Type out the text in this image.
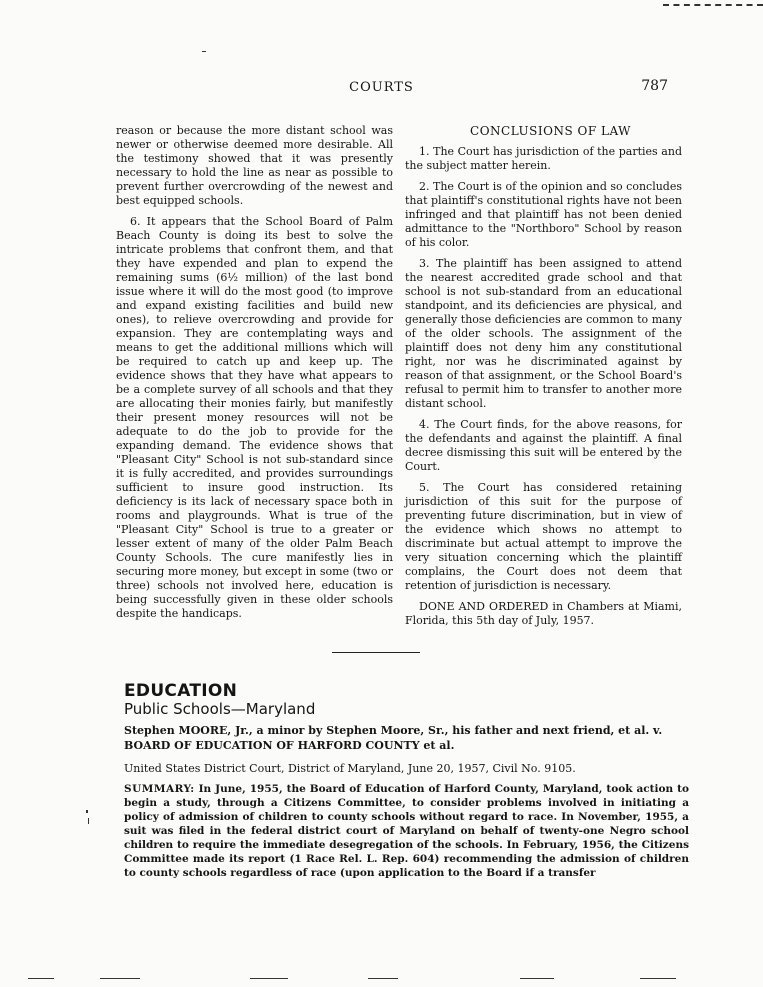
COURTS	787

reason or because the more distant school was newer or otherwise deemed more desirable. All the testimony showed that it was presently necessary to hold the line as near as possible to prevent further overcrowding of the newest and best equipped schools.

6. It appears that the School Board of Palm Beach County is doing its best to solve the intricate problems that confront them, and that they have expended and plan to expend the remaining sums (6½ million) of the last bond issue where it will do the most good (to improve and expand existing facilities and build new ones), to relieve overcrowding and provide for expansion. They are contemplating ways and means to get the additional millions which will be required to catch up and keep up. The evidence shows that they have what appears to be a complete survey of all schools and that they are allocating their monies fairly, but manifestly their present money resources will not be adequate to do the job to provide for the expanding demand. The evidence shows that "Pleasant City" School is not sub-standard since it is fully accredited, and provides surroundings sufficient to insure good instruction. Its deficiency is its lack of necessary space both in rooms and playgrounds. What is true of the "Pleasant City" School is true to a greater or lesser extent of many of the older Palm Beach County Schools. The cure manifestly lies in securing more money, but except in some (two or three) schools not involved here, education is being successfully given in these older schools despite the handicaps.

CONCLUSIONS OF LAW

1. The Court has jurisdiction of the parties and the subject matter herein.

2. The Court is of the opinion and so concludes that plaintiff's constitutional rights have not been infringed and that plaintiff has not been denied admittance to the "Northboro" School by reason of his color.

3. The plaintiff has been assigned to attend the nearest accredited grade school and that school is not sub-standard from an educational standpoint, and its deficiencies are physical, and generally those deficiencies are common to many of the older schools. The assignment of the plaintiff does not deny him any constitutional right, nor was he discriminated against by reason of that assignment, or the School Board's refusal to permit him to transfer to another more distant school.

4. The Court finds, for the above reasons, for the defendants and against the plaintiff. A final decree dismissing this suit will be entered by the Court.

5. The Court has considered retaining jurisdiction of this suit for the purpose of preventing future discrimination, but in view of the evidence which shows no attempt to discriminate but actual attempt to improve the very situation concerning which the plaintiff complains, the Court does not deem that retention of jurisdiction is necessary.

DONE AND ORDERED in Chambers at Miami, Florida, this 5th day of July, 1957.

EDUCATION
Public Schools—Maryland
Stephen MOORE, Jr., a minor by Stephen Moore, Sr., his father and next friend, et al. v. BOARD OF EDUCATION OF HARFORD COUNTY et al.
United States District Court, District of Maryland, June 20, 1957, Civil No. 9105.
SUMMARY: In June, 1955, the Board of Education of Harford County, Maryland, took action to begin a study, through a Citizens Committee, to consider problems involved in initiating a policy of admission of children to county schools without regard to race. In November, 1955, a suit was filed in the federal district court of Maryland on behalf of twenty-one Negro school children to require the immediate desegregation of the schools. In February, 1956, the Citizens Committee made its report (1 Race Rel. L. Rep. 604) recommending the admission of children to county schools regardless of race (upon application to the Board if a transfer
